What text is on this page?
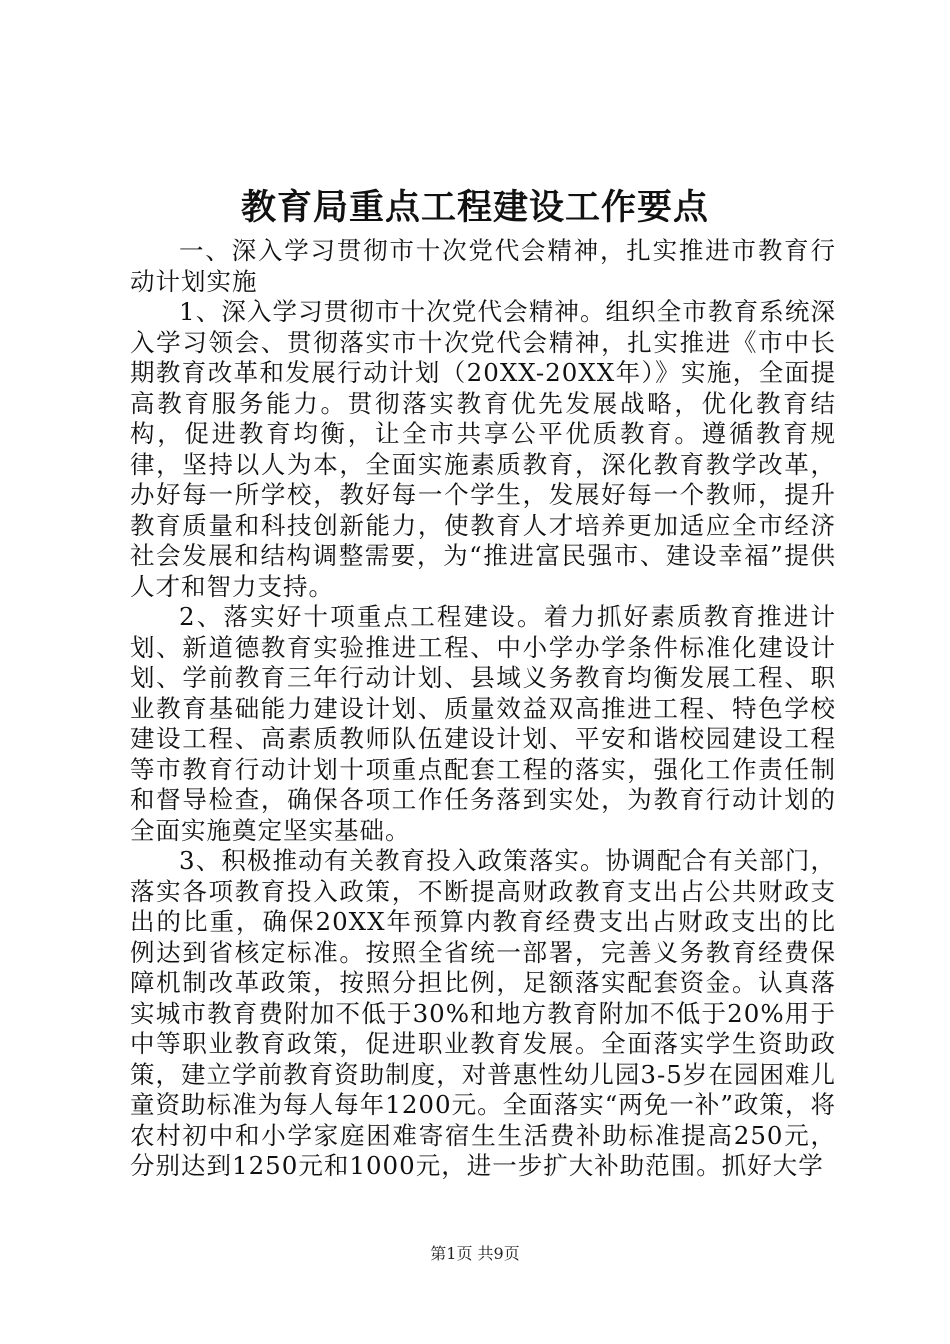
教育局重点工程建设工作要点

一、深入学习贯彻市十次党代会精神，扎实推进市教育行动计划实施

1、深入学习贯彻市十次党代会精神。组织全市教育系统深入学习领会、贯彻落实市十次党代会精神，扎实推进《市中长期教育改革和发展行动计划（20XX-20XX年）》实施，全面提高教育服务能力。贯彻落实教育优先发展战略，优化教育结构，促进教育均衡，让全市共享公平优质教育。遵循教育规律，坚持以人为本，全面实施素质教育，深化教育教学改革，办好每一所学校，教好每一个学生，发展好每一个教师，提升教育质量和科技创新能力，使教育人才培养更加适应全市经济社会发展和结构调整需要，为“推进富民强市、建设幸福”提供人才和智力支持。

2、落实好十项重点工程建设。着力抓好素质教育推进计划、新道德教育实验推进工程、中小学办学条件标准化建设计划、学前教育三年行动计划、县域义务教育均衡发展工程、职业教育基础能力建设计划、质量效益双高推进工程、特色学校建设工程、高素质教师队伍建设计划、平安和谐校园建设工程等市教育行动计划十项重点配套工程的落实，强化工作责任制和督导检查，确保各项工作任务落到实处，为教育行动计划的全面实施奠定坚实基础。

3、积极推动有关教育投入政策落实。协调配合有关部门，落实各项教育投入政策，不断提高财政教育支出占公共财政支出的比重，确保20XX年预算内教育经费支出占财政支出的比例达到省核定标准。按照全省统一部署，完善义务教育经费保障机制改革政策，按照分担比例，足额落实配套资金。认真落实城市教育费附加不低于30%和地方教育附加不低于20%用于中等职业教育政策，促进职业教育发展。全面落实学生资助政策，建立学前教育资助制度，对普惠性幼儿园3-5岁在园困难儿童资助标准为每人每年1200元。全面落实“两免一补”政策，将农村初中和小学家庭困难寄宿生生活费补助标准提高250元，分别达到1250元和1000元，进一步扩大补助范围。抓好大学

第1页 共9页
